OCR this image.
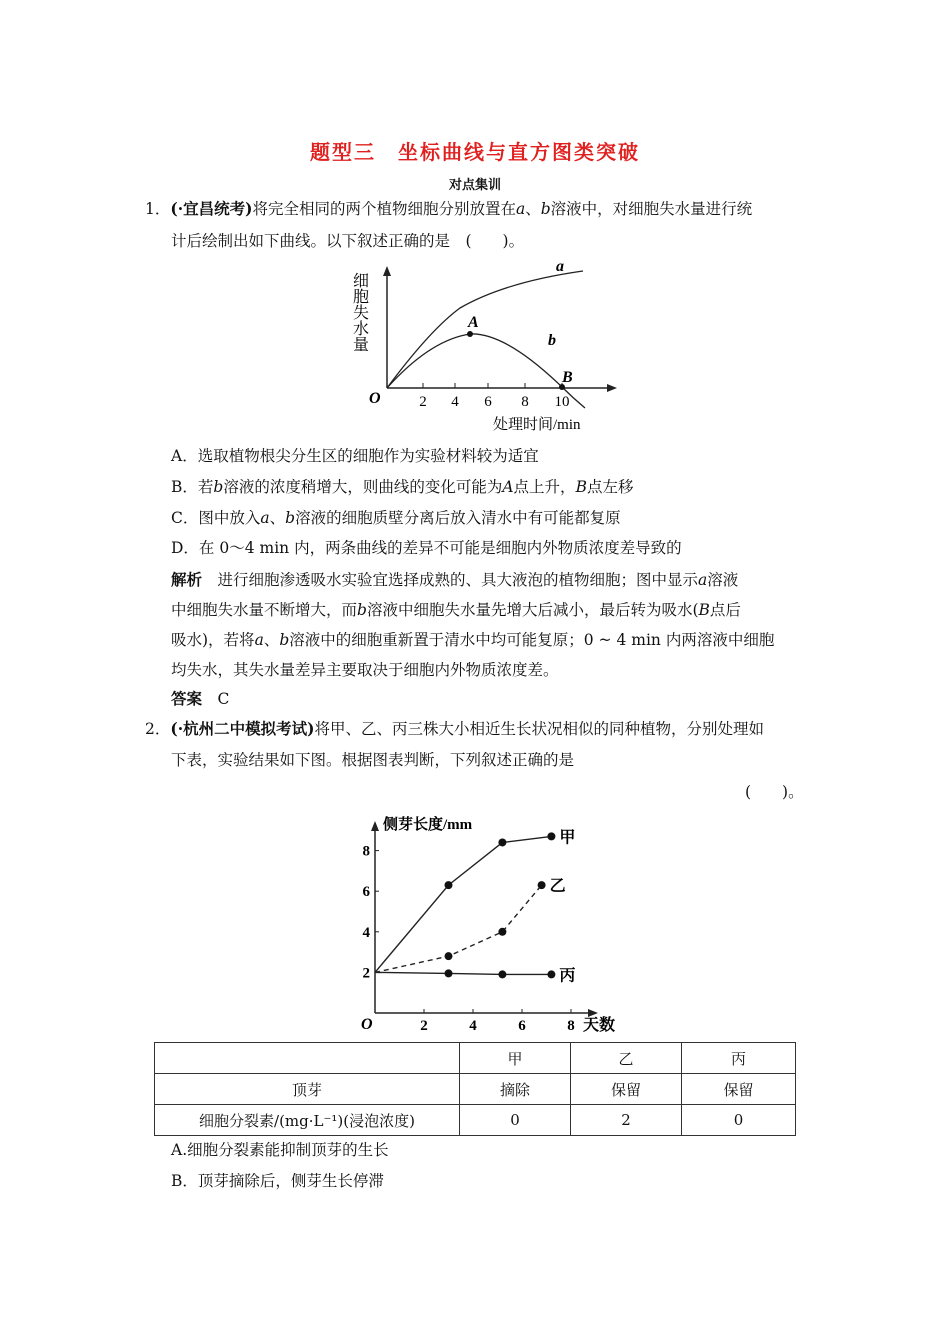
题型三　坐标曲线与直方图类突破
对点集训
1．(·宜昌统考)将完全相同的两个植物细胞分别放置在a、b溶液中，对细胞失水量进行统
计后绘制出如下曲线。以下叙述正确的是　(　　)。
2 4 6 8 10
O
处理时间/min
细胞失水量
a
b
A
B
A．选取植物根尖分生区的细胞作为实验材料较为适宜
B．若b溶液的浓度稍增大，则曲线的变化可能为A点上升，B点左移
C．图中放入a、b溶液的细胞质壁分离后放入清水中有可能都复原
D．在 0～4 min 内，两条曲线的差异不可能是细胞内外物质浓度差导致的
解析　进行细胞渗透吸水实验宜选择成熟的、具大液泡的植物细胞；图中显示a溶液
中细胞失水量不断增大，而b溶液中细胞失水量先增大后减小，最后转为吸水(B点后
吸水)，若将a、b溶液中的细胞重新置于清水中均可能复原；0 ~ 4 min 内两溶液中细胞
均失水，其失水量差异主要取决于细胞内外物质浓度差。
答案　 C
2．(·杭州二中模拟考试)将甲、乙、丙三株大小相近生长状况相似的同种植物，分别处理如
下表，实验结果如下图。根据图表判断，下列叙述正确的是
(　　)。
侧芽长度/mm
天数
O	2	4	6	8
2
4
6
8
甲
乙
丙
	甲	乙	丙
顶芽	摘除	保留	保留
细胞分裂素/(mg·L⁻¹)(浸泡浓度)	0	2	0
A.细胞分裂素能抑制顶芽的生长
B．顶芽摘除后，侧芽生长停滞
